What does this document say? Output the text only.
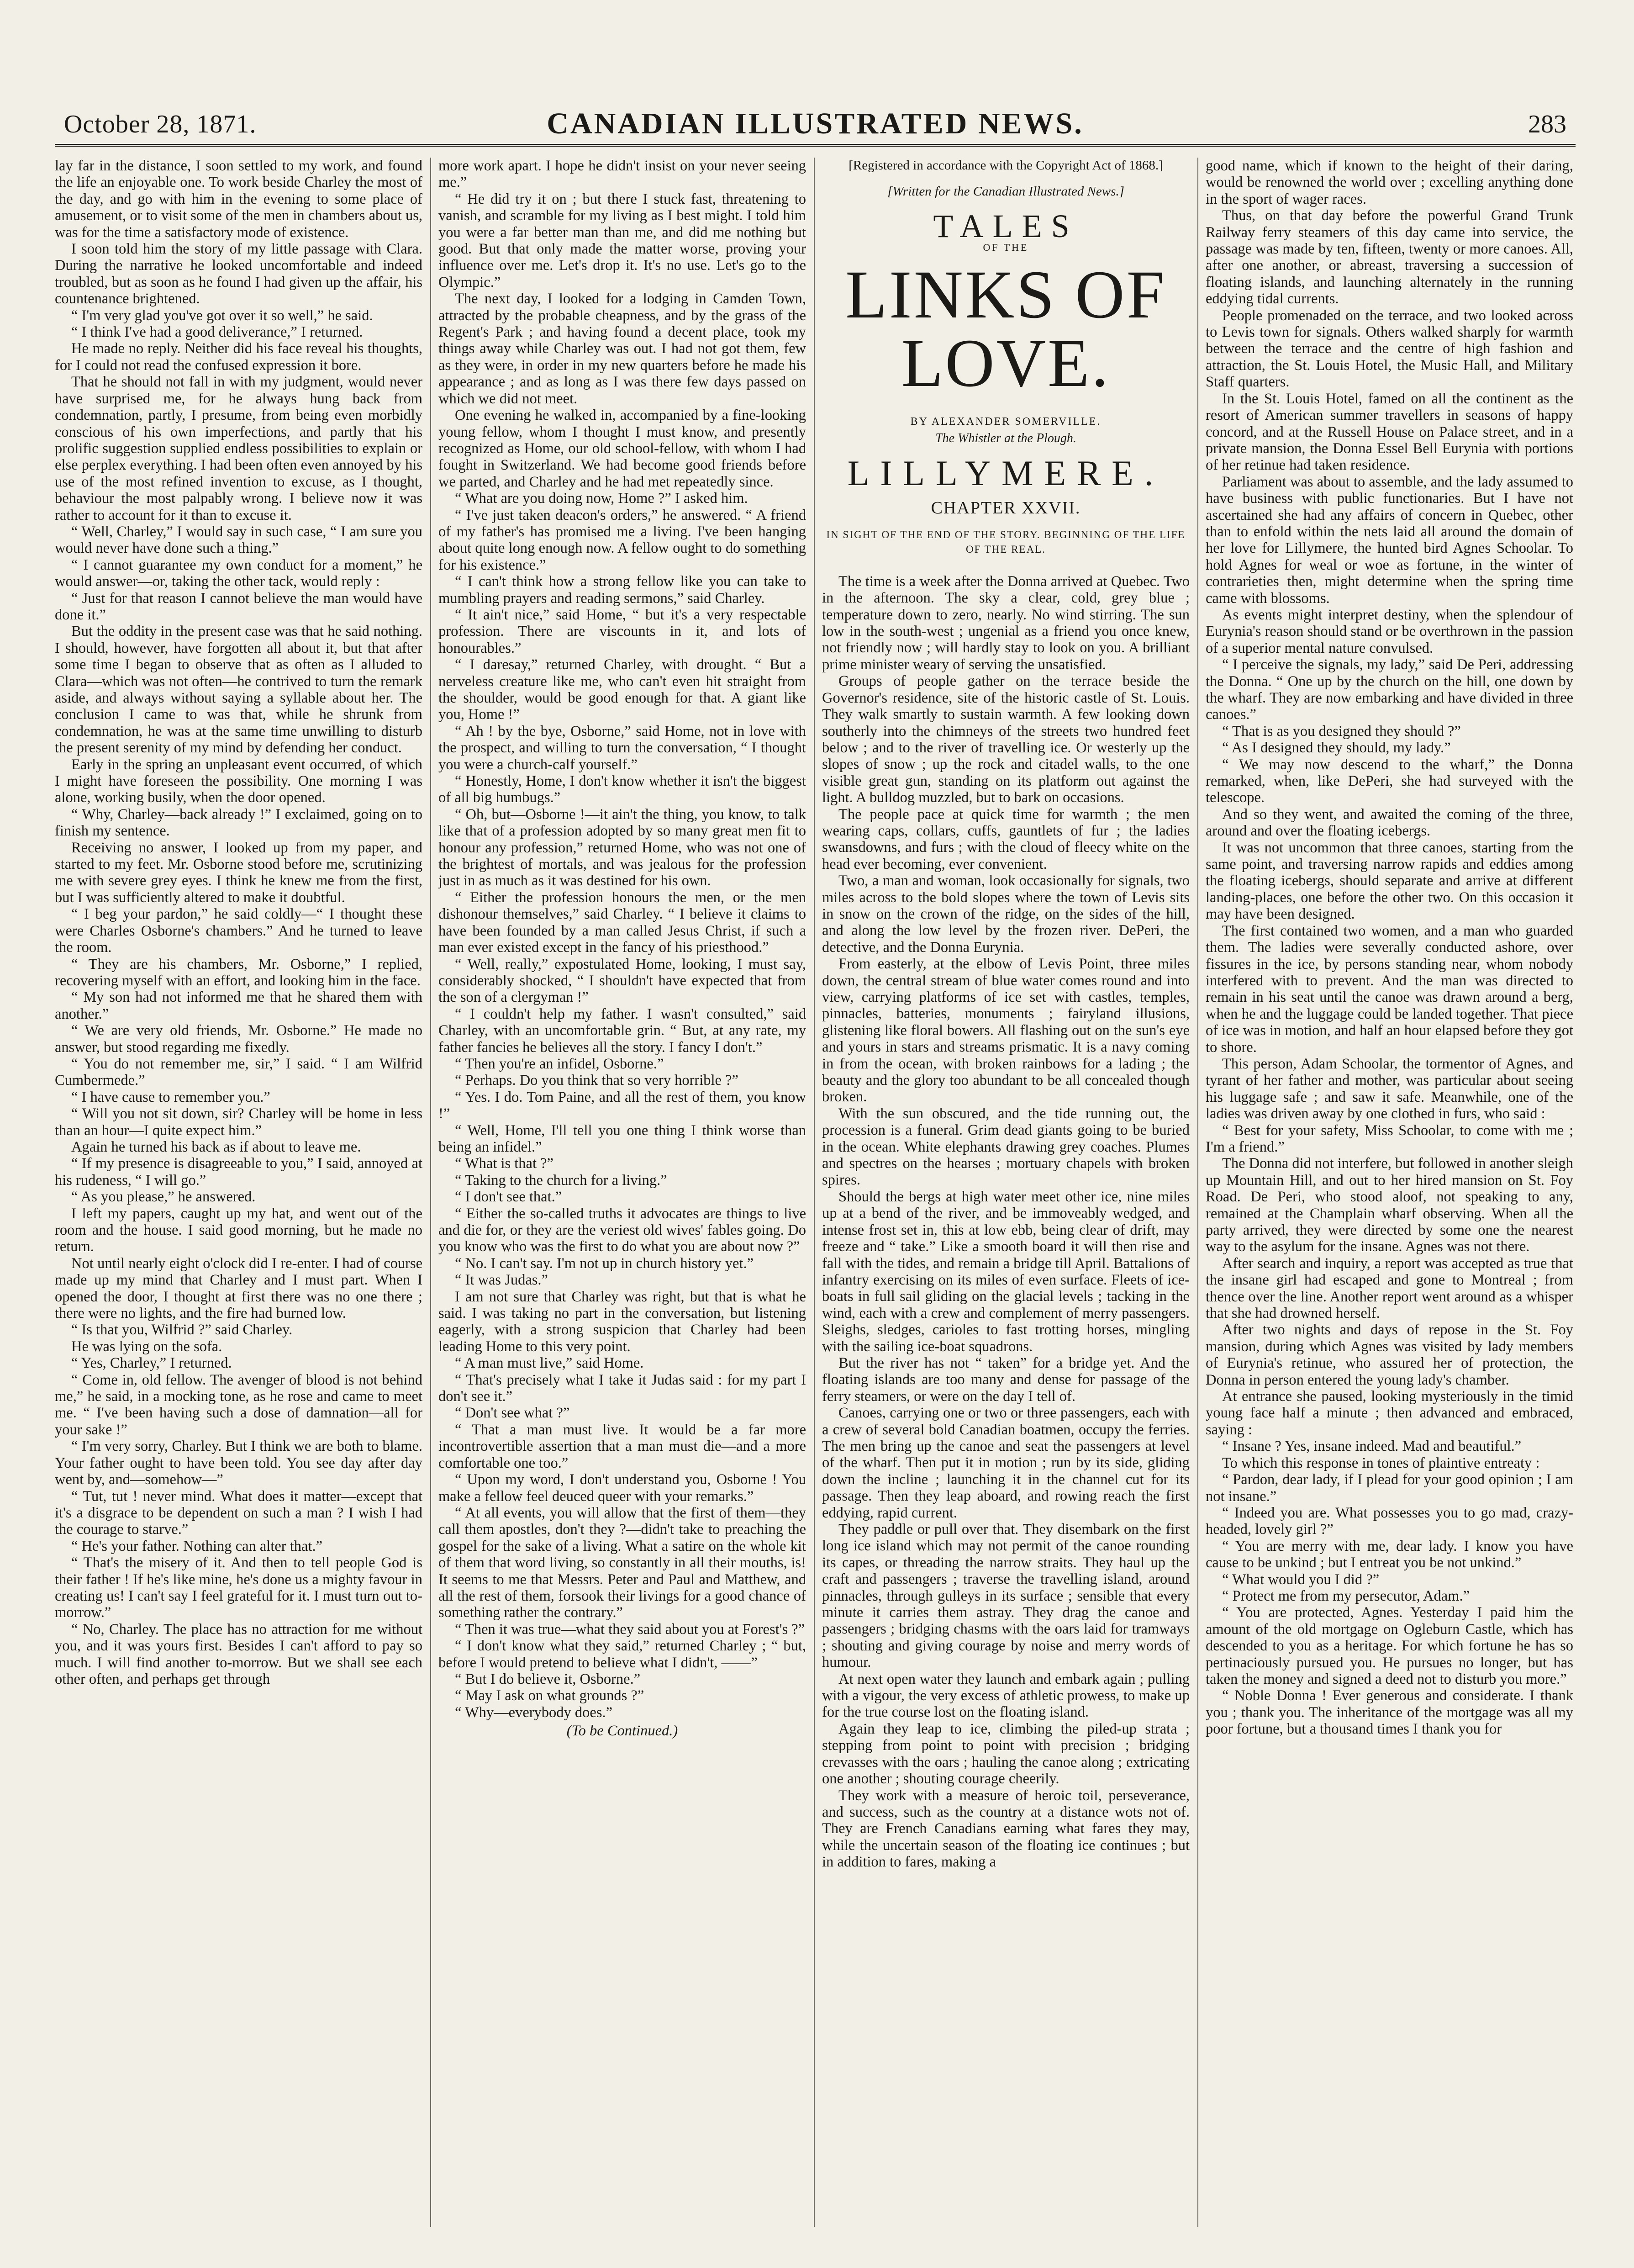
October 28, 1871.	CANADIAN ILLUSTRATED NEWS.	283

lay far in the distance, I soon settled to my work, and found the life an enjoyable one. To work beside Charley the most of the day, and go with him in the evening to some place of amusement, or to visit some of the men in chambers about us, was for the time a satisfactory mode of existence.

I soon told him the story of my little passage with Clara. During the narrative he looked uncomfortable and indeed troubled, but as soon as he found I had given up the affair, his countenance brightened.

“ I'm very glad you've got over it so well,” he said.

“ I think I've had a good deliverance,” I returned.

He made no reply. Neither did his face reveal his thoughts, for I could not read the confused expression it bore.

That he should not fall in with my judgment, would never have surprised me, for he always hung back from condemnation, partly, I presume, from being even morbidly conscious of his own imperfections, and partly that his prolific suggestion supplied endless possibilities to explain or else perplex everything. I had been often even annoyed by his use of the most refined invention to excuse, as I thought, behaviour the most palpably wrong. I believe now it was rather to account for it than to excuse it.

“ Well, Charley,” I would say in such case, “ I am sure you would never have done such a thing.”

“ I cannot guarantee my own conduct for a moment,” he would answer—or, taking the other tack, would reply :

“ Just for that reason I cannot believe the man would have done it.”

But the oddity in the present case was that he said nothing. I should, however, have forgotten all about it, but that after some time I began to observe that as often as I alluded to Clara—which was not often—he contrived to turn the remark aside, and always without saying a syllable about her. The conclusion I came to was that, while he shrunk from condemnation, he was at the same time unwilling to disturb the present serenity of my mind by defending her conduct.

Early in the spring an unpleasant event occurred, of which I might have foreseen the possibility. One morning I was alone, working busily, when the door opened.

“ Why, Charley—back already !” I exclaimed, going on to finish my sentence.

Receiving no answer, I looked up from my paper, and started to my feet. Mr. Osborne stood before me, scrutinizing me with severe grey eyes. I think he knew me from the first, but I was sufficiently altered to make it doubtful.

“ I beg your pardon,” he said coldly—“ I thought these were Charles Osborne's chambers.” And he turned to leave the room.

“ They are his chambers, Mr. Osborne,” I replied, recovering myself with an effort, and looking him in the face.

“ My son had not informed me that he shared them with another.”

“ We are very old friends, Mr. Osborne.” He made no answer, but stood regarding me fixedly.

“ You do not remember me, sir,” I said. “ I am Wilfrid Cumbermede.”

“ I have cause to remember you.”

“ Will you not sit down, sir? Charley will be home in less than an hour—I quite expect him.”

Again he turned his back as if about to leave me.

“ If my presence is disagreeable to you,” I said, annoyed at his rudeness, “ I will go.”

“ As you please,” he answered.

I left my papers, caught up my hat, and went out of the room and the house. I said good morning, but he made no return.

Not until nearly eight o'clock did I re-enter. I had of course made up my mind that Charley and I must part. When I opened the door, I thought at first there was no one there ; there were no lights, and the fire had burned low.

“ Is that you, Wilfrid ?” said Charley.

He was lying on the sofa.

“ Yes, Charley,” I returned.

“ Come in, old fellow. The avenger of blood is not behind me,” he said, in a mocking tone, as he rose and came to meet me. “ I've been having such a dose of damnation—all for your sake !”

“ I'm very sorry, Charley. But I think we are both to blame. Your father ought to have been told. You see day after day went by, and—somehow—”

“ Tut, tut ! never mind. What does it matter—except that it's a disgrace to be dependent on such a man ? I wish I had the courage to starve.”

“ He's your father. Nothing can alter that.”

“ That's the misery of it. And then to tell people God is their father ! If he's like mine, he's done us a mighty favour in creating us! I can't say I feel grateful for it. I must turn out to-morrow.”

“ No, Charley. The place has no attraction for me without you, and it was yours first. Besides I can't afford to pay so much. I will find another to-morrow. But we shall see each other often, and perhaps get through

more work apart. I hope he didn't insist on your never seeing me.”

“ He did try it on ; but there I stuck fast, threatening to vanish, and scramble for my living as I best might. I told him you were a far better man than me, and did me nothing but good. But that only made the matter worse, proving your influence over me. Let's drop it. It's no use. Let's go to the Olympic.”

The next day, I looked for a lodging in Camden Town, attracted by the probable cheapness, and by the grass of the Regent's Park ; and having found a decent place, took my things away while Charley was out. I had not got them, few as they were, in order in my new quarters before he made his appearance ; and as long as I was there few days passed on which we did not meet.

One evening he walked in, accompanied by a fine-looking young fellow, whom I thought I must know, and presently recognized as Home, our old school-fellow, with whom I had fought in Switzerland. We had become good friends before we parted, and Charley and he had met repeatedly since.

“ What are you doing now, Home ?” I asked him.

“ I've just taken deacon's orders,” he answered. “ A friend of my father's has promised me a living. I've been hanging about quite long enough now. A fellow ought to do something for his existence.”

“ I can't think how a strong fellow like you can take to mumbling prayers and reading sermons,” said Charley.

“ It ain't nice,” said Home, “ but it's a very respectable profession. There are viscounts in it, and lots of honourables.”

“ I daresay,” returned Charley, with drought. “ But a nerveless creature like me, who can't even hit straight from the shoulder, would be good enough for that. A giant like you, Home !”

“ Ah ! by the bye, Osborne,” said Home, not in love with the prospect, and willing to turn the conversation, “ I thought you were a church-calf yourself.”

“ Honestly, Home, I don't know whether it isn't the biggest of all big humbugs.”

“ Oh, but—Osborne !—it ain't the thing, you know, to talk like that of a profession adopted by so many great men fit to honour any profession,” returned Home, who was not one of the brightest of mortals, and was jealous for the profession just in as much as it was destined for his own.

“ Either the profession honours the men, or the men dishonour themselves,” said Charley. “ I believe it claims to have been founded by a man called Jesus Christ, if such a man ever existed except in the fancy of his priesthood.”

“ Well, really,” expostulated Home, looking, I must say, considerably shocked, “ I shouldn't have expected that from the son of a clergyman !”

“ I couldn't help my father. I wasn't consulted,” said Charley, with an uncomfortable grin. “ But, at any rate, my father fancies he believes all the story. I fancy I don't.”

“ Then you're an infidel, Osborne.”

“ Perhaps. Do you think that so very horrible ?”

“ Yes. I do. Tom Paine, and all the rest of them, you know !”

“ Well, Home, I'll tell you one thing I think worse than being an infidel.”

“ What is that ?”

“ Taking to the church for a living.”

“ I don't see that.”

“ Either the so-called truths it advocates are things to live and die for, or they are the veriest old wives' fables going. Do you know who was the first to do what you are about now ?”

“ No. I can't say. I'm not up in church history yet.”

“ It was Judas.”

I am not sure that Charley was right, but that is what he said. I was taking no part in the conversation, but listening eagerly, with a strong suspicion that Charley had been leading Home to this very point.

“ A man must live,” said Home.

“ That's precisely what I take it Judas said : for my part I don't see it.”

“ Don't see what ?”

“ That a man must live. It would be a far more incontrovertible assertion that a man must die—and a more comfortable one too.”

“ Upon my word, I don't understand you, Osborne ! You make a fellow feel deuced queer with your remarks.”

“ At all events, you will allow that the first of them—they call them apostles, don't they ?—didn't take to preaching the gospel for the sake of a living. What a satire on the whole kit of them that word living, so constantly in all their mouths, is! It seems to me that Messrs. Peter and Paul and Matthew, and all the rest of them, forsook their livings for a good chance of something rather the contrary.”

“ Then it was true—what they said about you at Forest's ?”

“ I don't know what they said,” returned Charley ; “ but, before I would pretend to believe what I didn't, ——”

“ But I do believe it, Osborne.”

“ May I ask on what grounds ?”

“ Why—everybody does.”

(To be Continued.)
[Registered in accordance with the Copyright Act of 1868.]
[Written for the Canadian Illustrated News.]
TALES
OF THE
LINKS OF LOVE.
BY ALEXANDER SOMERVILLE.
The Whistler at the Plough.
LILLYMERE.
CHAPTER XXVII.
IN SIGHT OF THE END OF THE STORY. BEGINNING OF THE LIFE OF THE REAL.

The time is a week after the Donna arrived at Quebec. Two in the afternoon. The sky a clear, cold, grey blue ; temperature down to zero, nearly. No wind stirring. The sun low in the south-west ; ungenial as a friend you once knew, not friendly now ; will hardly stay to look on you. A brilliant prime minister weary of serving the unsatisfied.

Groups of people gather on the terrace beside the Governor's residence, site of the historic castle of St. Louis. They walk smartly to sustain warmth. A few looking down southerly into the chimneys of the streets two hundred feet below ; and to the river of travelling ice. Or westerly up the slopes of snow ; up the rock and citadel walls, to the one visible great gun, standing on its platform out against the light. A bulldog muzzled, but to bark on occasions.

The people pace at quick time for warmth ; the men wearing caps, collars, cuffs, gauntlets of fur ; the ladies swansdowns, and furs ; with the cloud of fleecy white on the head ever becoming, ever convenient.

Two, a man and woman, look occasionally for signals, two miles across to the bold slopes where the town of Levis sits in snow on the crown of the ridge, on the sides of the hill, and along the low level by the frozen river. DePeri, the detective, and the Donna Eurynia.

From easterly, at the elbow of Levis Point, three miles down, the central stream of blue water comes round and into view, carrying platforms of ice set with castles, temples, pinnacles, batteries, monuments ; fairyland illusions, glistening like floral bowers. All flashing out on the sun's eye and yours in stars and streams prismatic. It is a navy coming in from the ocean, with broken rainbows for a lading ; the beauty and the glory too abundant to be all concealed though broken.

With the sun obscured, and the tide running out, the procession is a funeral. Grim dead giants going to be buried in the ocean. White elephants drawing grey coaches. Plumes and spectres on the hearses ; mortuary chapels with broken spires.

Should the bergs at high water meet other ice, nine miles up at a bend of the river, and be immoveably wedged, and intense frost set in, this at low ebb, being clear of drift, may freeze and “ take.” Like a smooth board it will then rise and fall with the tides, and remain a bridge till April. Battalions of infantry exercising on its miles of even surface. Fleets of ice-boats in full sail gliding on the glacial levels ; tacking in the wind, each with a crew and complement of merry passengers. Sleighs, sledges, carioles to fast trotting horses, mingling with the sailing ice-boat squadrons.

But the river has not “ taken” for a bridge yet. And the floating islands are too many and dense for passage of the ferry steamers, or were on the day I tell of.

Canoes, carrying one or two or three passengers, each with a crew of several bold Canadian boatmen, occupy the ferries. The men bring up the canoe and seat the passengers at level of the wharf. Then put it in motion ; run by its side, gliding down the incline ; launching it in the channel cut for its passage. Then they leap aboard, and rowing reach the first eddying, rapid current.

They paddle or pull over that. They disembark on the first long ice island which may not permit of the canoe rounding its capes, or threading the narrow straits. They haul up the craft and passengers ; traverse the travelling island, around pinnacles, through gulleys in its surface ; sensible that every minute it carries them astray. They drag the canoe and passengers ; bridging chasms with the oars laid for tramways ; shouting and giving courage by noise and merry words of humour.

At next open water they launch and embark again ; pulling with a vigour, the very excess of athletic prowess, to make up for the true course lost on the floating island.

Again they leap to ice, climbing the piled-up strata ; stepping from point to point with precision ; bridging crevasses with the oars ; hauling the canoe along ; extricating one another ; shouting courage cheerily.

They work with a measure of heroic toil, perseverance, and success, such as the country at a distance wots not of. They are French Canadians earning what fares they may, while the uncertain season of the floating ice continues ; but in addition to fares, making a

good name, which if known to the height of their daring, would be renowned the world over ; excelling anything done in the sport of wager races.

Thus, on that day before the powerful Grand Trunk Railway ferry steamers of this day came into service, the passage was made by ten, fifteen, twenty or more canoes. All, after one another, or abreast, traversing a succession of floating islands, and launching alternately in the running eddying tidal currents.

People promenaded on the terrace, and two looked across to Levis town for signals. Others walked sharply for warmth between the terrace and the centre of high fashion and attraction, the St. Louis Hotel, the Music Hall, and Military Staff quarters.

In the St. Louis Hotel, famed on all the continent as the resort of American summer travellers in seasons of happy concord, and at the Russell House on Palace street, and in a private mansion, the Donna Essel Bell Eurynia with portions of her retinue had taken residence.

Parliament was about to assemble, and the lady assumed to have business with public functionaries. But I have not ascertained she had any affairs of concern in Quebec, other than to enfold within the nets laid all around the domain of her love for Lillymere, the hunted bird Agnes Schoolar. To hold Agnes for weal or woe as fortune, in the winter of contrarieties then, might determine when the spring time came with blossoms.

As events might interpret destiny, when the splendour of Eurynia's reason should stand or be overthrown in the passion of a superior mental nature convulsed.

“ I perceive the signals, my lady,” said De Peri, addressing the Donna. “ One up by the church on the hill, one down by the wharf. They are now embarking and have divided in three canoes.”

“ That is as you designed they should ?”

“ As I designed they should, my lady.”

“ We may now descend to the wharf,” the Donna remarked, when, like DePeri, she had surveyed with the telescope.

And so they went, and awaited the coming of the three, around and over the floating icebergs.

It was not uncommon that three canoes, starting from the same point, and traversing narrow rapids and eddies among the floating icebergs, should separate and arrive at different landing-places, one before the other two. On this occasion it may have been designed.

The first contained two women, and a man who guarded them. The ladies were severally conducted ashore, over fissures in the ice, by persons standing near, whom nobody interfered with to prevent. And the man was directed to remain in his seat until the canoe was drawn around a berg, when he and the luggage could be landed together. That piece of ice was in motion, and half an hour elapsed before they got to shore.

This person, Adam Schoolar, the tormentor of Agnes, and tyrant of her father and mother, was particular about seeing his luggage safe ; and saw it safe. Meanwhile, one of the ladies was driven away by one clothed in furs, who said :

“ Best for your safety, Miss Schoolar, to come with me ; I'm a friend.”

The Donna did not interfere, but followed in another sleigh up Mountain Hill, and out to her hired mansion on St. Foy Road. De Peri, who stood aloof, not speaking to any, remained at the Champlain wharf observing. When all the party arrived, they were directed by some one the nearest way to the asylum for the insane. Agnes was not there.

After search and inquiry, a report was accepted as true that the insane girl had escaped and gone to Montreal ; from thence over the line. Another report went around as a whisper that she had drowned herself.

After two nights and days of repose in the St. Foy mansion, during which Agnes was visited by lady members of Eurynia's retinue, who assured her of protection, the Donna in person entered the young lady's chamber.

At entrance she paused, looking mysteriously in the timid young face half a minute ; then advanced and embraced, saying :

“ Insane ? Yes, insane indeed. Mad and beautiful.”

To which this response in tones of plaintive entreaty :

“ Pardon, dear lady, if I plead for your good opinion ; I am not insane.”

“ Indeed you are. What possesses you to go mad, crazy-headed, lovely girl ?”

“ You are merry with me, dear lady. I know you have cause to be unkind ; but I entreat you be not unkind.”

“ What would you I did ?”

“ Protect me from my persecutor, Adam.”

“ You are protected, Agnes. Yesterday I paid him the amount of the old mortgage on Ogleburn Castle, which has descended to you as a heritage. For which fortune he has so pertinaciously pursued you. He pursues no longer, but has taken the money and signed a deed not to disturb you more.”

“ Noble Donna ! Ever generous and considerate. I thank you ; thank you. The inheritance of the mortgage was all my poor fortune, but a thousand times I thank you for
